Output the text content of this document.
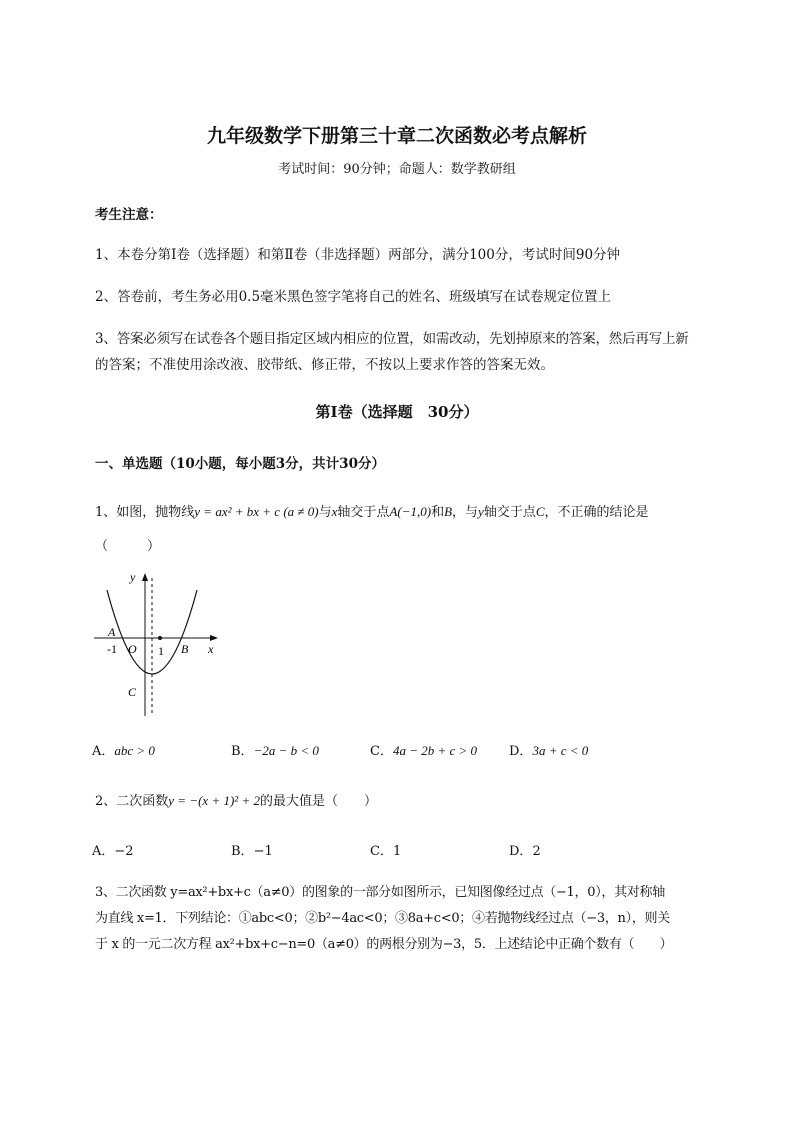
九年级数学下册第三十章二次函数必考点解析
考试时间：90分钟；命题人：数学教研组
考生注意：
1、本卷分第I卷（选择题）和第Ⅱ卷（非选择题）两部分，满分100分，考试时间90分钟
2、答卷前，考生务必用0.5毫米黑色签字笔将自己的姓名、班级填写在试卷规定位置上
3、答案必须写在试卷各个题目指定区域内相应的位置，如需改动，先划掉原来的答案，然后再写上新
的答案；不准使用涂改液、胶带纸、修正带，不按以上要求作答的答案无效。
第I卷（选择题　30分）
一、单选题（10小题，每小题3分，共计30分）
1、如图，抛物线y = ax² + bx + c (a ≠ 0)与x轴交于点A(−1,0)和B，与y轴交于点C，不正确的结论是
（　　　）
y
x
A
-1 O 1 B
C
A．abc > 0	B．−2a − b < 0	C．4a − 2b + c > 0 D．3a + c < 0
2、二次函数y = −(x + 1)² + 2的最大值是（　　）
A．−2	B．−1	C．1	D．2
3、二次函数 y=ax²+bx+c（a≠0）的图象的一部分如图所示，已知图像经过点（−1，0），其对称轴
为直线 x=1．下列结论：①abc<0；②b²−4ac<0；③8a+c<0；④若抛物线经过点（−3，n），则关
于 x 的一元二次方程 ax²+bx+c−n=0（a≠0）的两根分别为−3，5．上述结论中正确个数有（　　）
